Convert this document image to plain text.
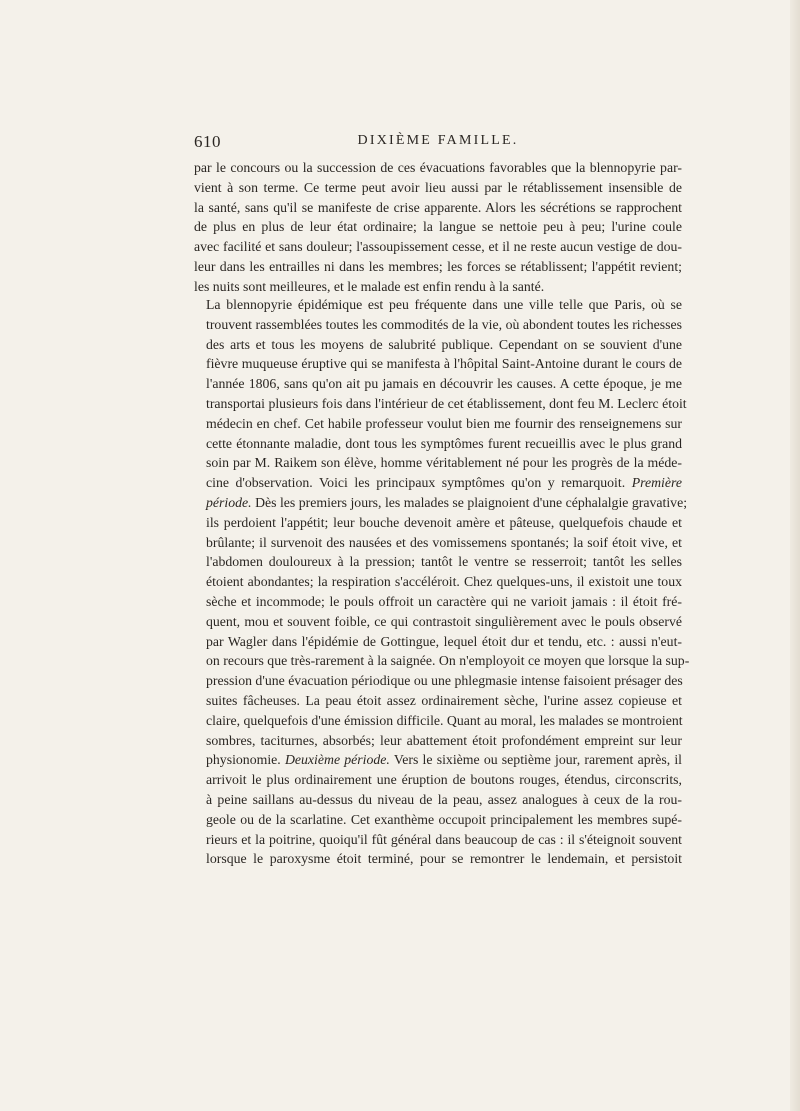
610	DIXIÈME FAMILLE.
par le concours ou la succession de ces évacuations favorables que la blennopyrie par-
vient à son terme. Ce terme peut avoir lieu aussi par le rétablissement insensible de
la santé, sans qu'il se manifeste de crise apparente. Alors les sécrétions se rapprochent
de plus en plus de leur état ordinaire; la langue se nettoie peu à peu; l'urine coule
avec facilité et sans douleur; l'assoupissement cesse, et il ne reste aucun vestige de dou-
leur dans les entrailles ni dans les membres; les forces se rétablissent; l'appétit revient;
les nuits sont meilleures, et le malade est enfin rendu à la santé.
La blennopyrie épidémique est peu fréquente dans une ville telle que Paris, où se
trouvent rassemblées toutes les commodités de la vie, où abondent toutes les richesses
des arts et tous les moyens de salubrité publique. Cependant on se souvient d'une
fièvre muqueuse éruptive qui se manifesta à l'hôpital Saint-Antoine durant le cours de
l'année 1806, sans qu'on ait pu jamais en découvrir les causes. A cette époque, je me
transportai plusieurs fois dans l'intérieur de cet établissement, dont feu M. Leclerc étoit
médecin en chef. Cet habile professeur voulut bien me fournir des renseignemens sur
cette étonnante maladie, dont tous les symptômes furent recueillis avec le plus grand
soin par M. Raikem son élève, homme véritablement né pour les progrès de la méde-
cine d'observation. Voici les principaux symptômes qu'on y remarquoit. Première
période. Dès les premiers jours, les malades se plaignoient d'une céphalalgie gravative;
ils perdoient l'appétit; leur bouche devenoit amère et pâteuse, quelquefois chaude et
brûlante; il survenoit des nausées et des vomissemens spontanés; la soif étoit vive, et
l'abdomen douloureux à la pression; tantôt le ventre se resserroit; tantôt les selles
étoient abondantes; la respiration s'accéléroit. Chez quelques-uns, il existoit une toux
sèche et incommode; le pouls offroit un caractère qui ne varioit jamais : il étoit fré-
quent, mou et souvent foible, ce qui contrastoit singulièrement avec le pouls observé
par Wagler dans l'épidémie de Gottingue, lequel étoit dur et tendu, etc. : aussi n'eut-
on recours que très-rarement à la saignée. On n'employoit ce moyen que lorsque la sup-
pression d'une évacuation périodique ou une phlegmasie intense faisoient présager des
suites fâcheuses. La peau étoit assez ordinairement sèche, l'urine assez copieuse et
claire, quelquefois d'une émission difficile. Quant au moral, les malades se montroient
sombres, taciturnes, absorbés; leur abattement étoit profondément empreint sur leur
physionomie. Deuxième période. Vers le sixième ou septième jour, rarement après, il
arrivoit le plus ordinairement une éruption de boutons rouges, étendus, circonscrits,
à peine saillans au-dessus du niveau de la peau, assez analogues à ceux de la rou-
geole ou de la scarlatine. Cet exanthème occupoit principalement les membres supé-
rieurs et la poitrine, quoiqu'il fût général dans beaucoup de cas : il s'éteignoit souvent
lorsque le paroxysme étoit terminé, pour se remontrer le lendemain, et persistoit
